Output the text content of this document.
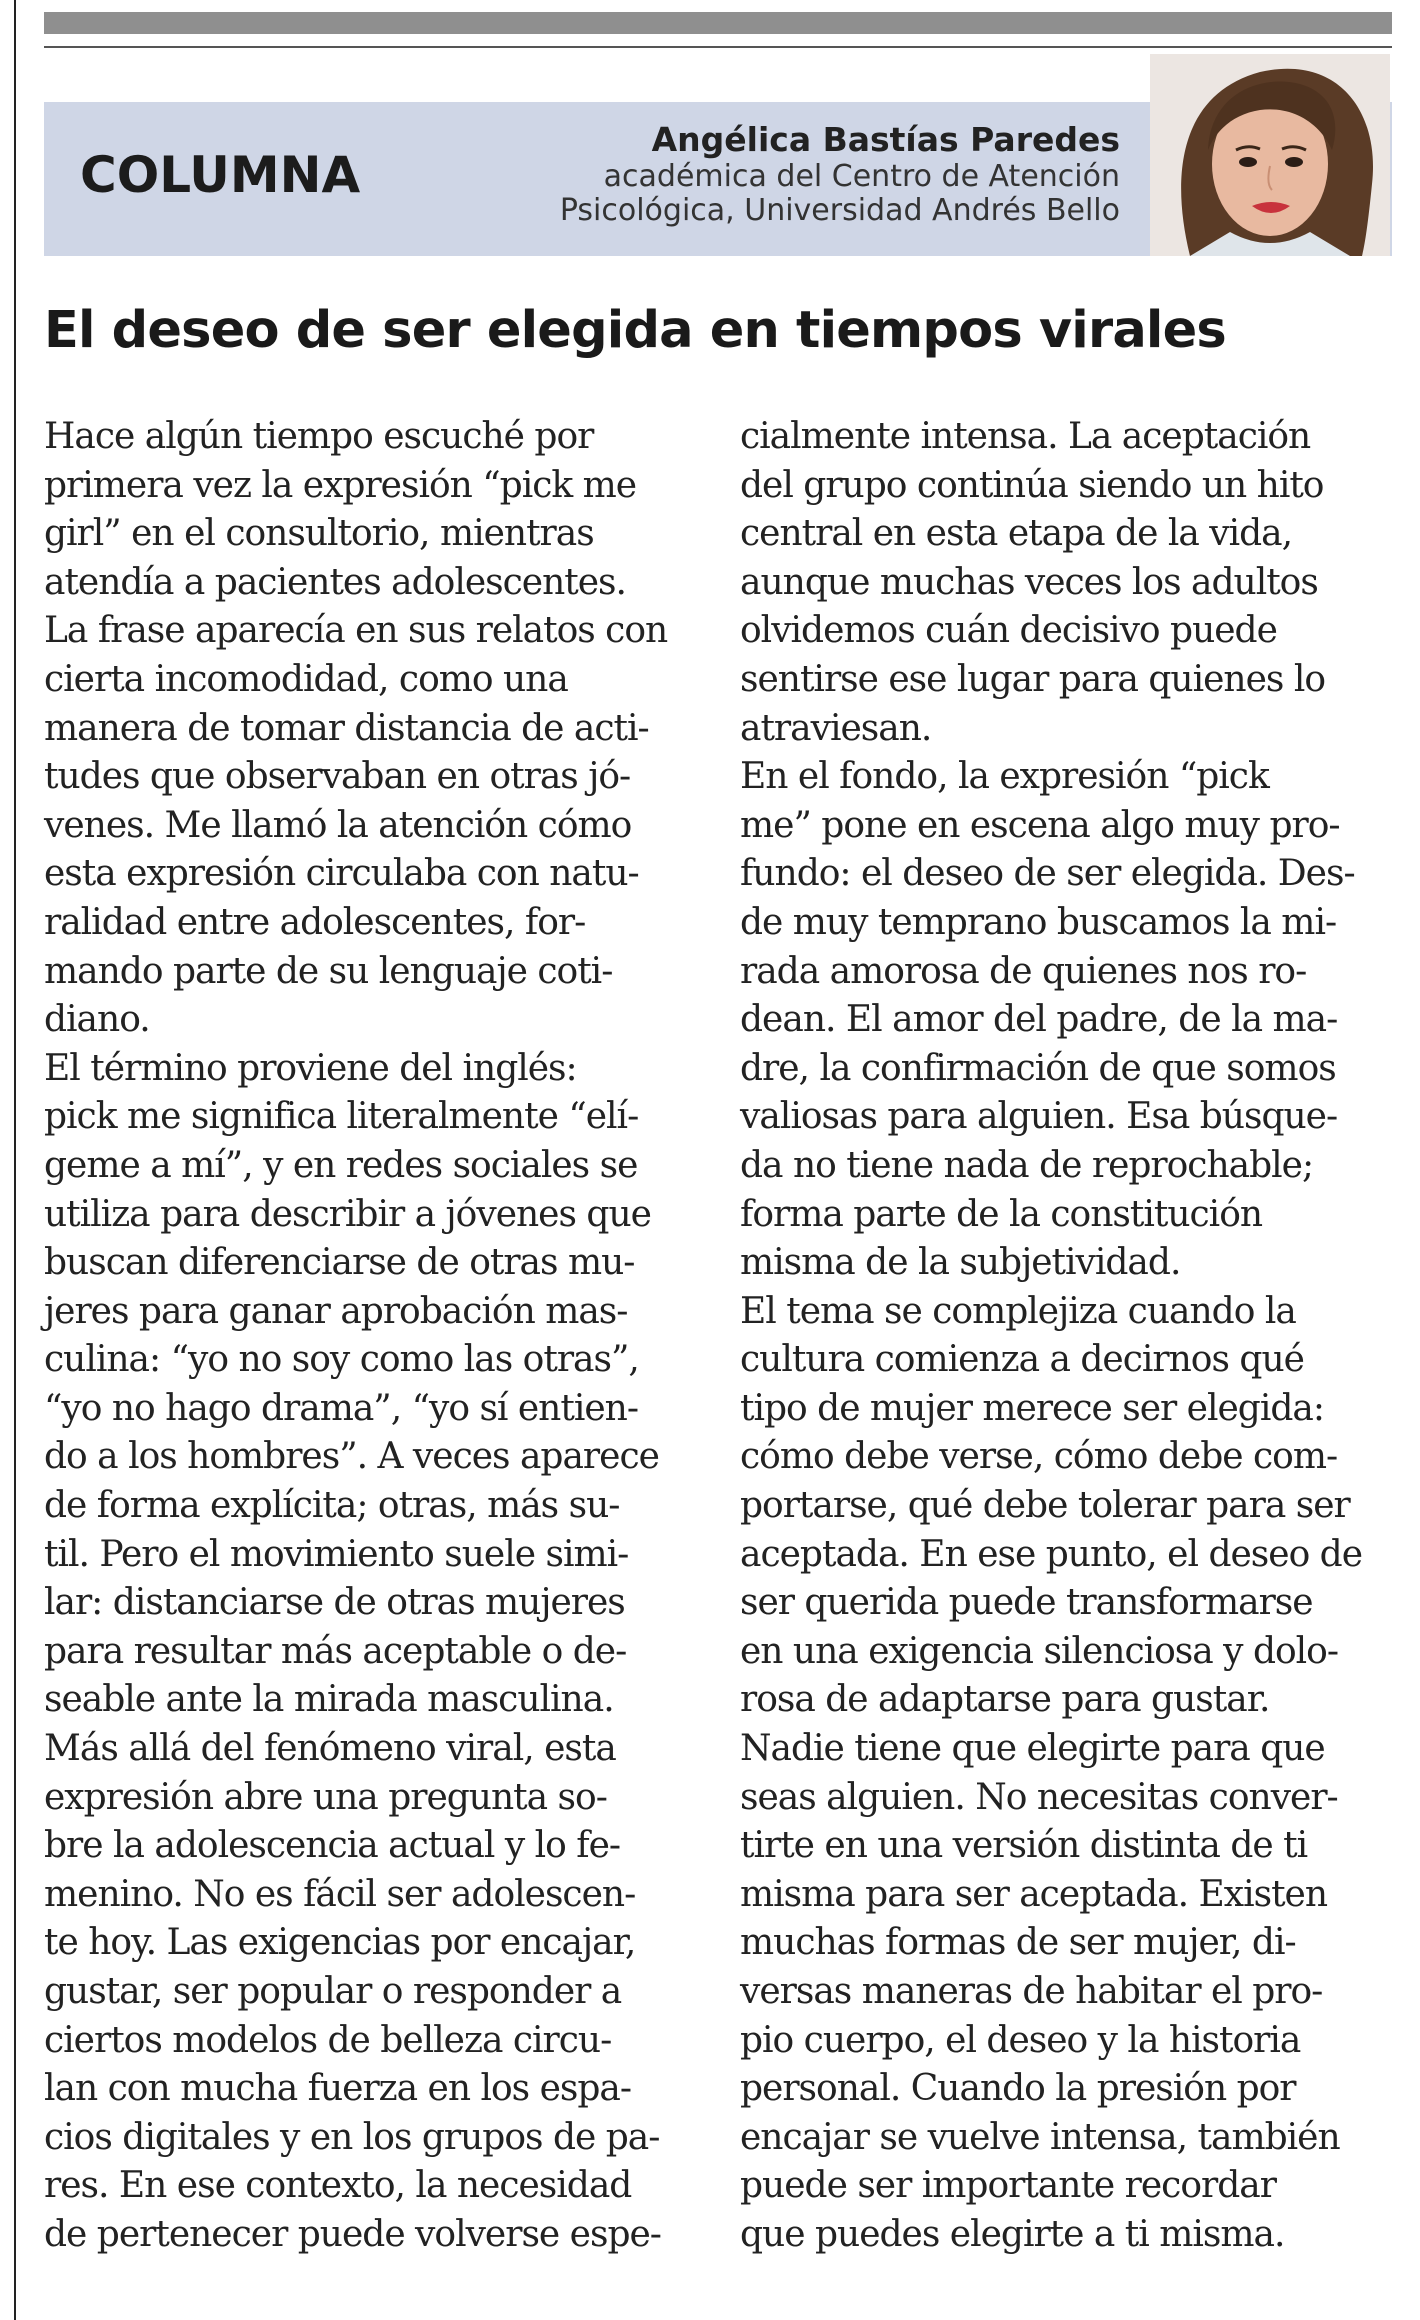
COLUMNA
Angélica Bastías Paredes
académica del Centro de Atención
Psicológica, Universidad Andrés Bello
El deseo de ser elegida en tiempos virales
Hace algún tiempo escuché por
primera vez la expresión “pick me
girl” en el consultorio, mientras
atendía a pacientes adolescentes.
La frase aparecía en sus relatos con
cierta incomodidad, como una
manera de tomar distancia de acti-
tudes que observaban en otras jó-
venes. Me llamó la atención cómo
esta expresión circulaba con natu-
ralidad entre adolescentes, for-
mando parte de su lenguaje coti-
diano.
El término proviene del inglés:
pick me significa literalmente “elí-
geme a mí”, y en redes sociales se
utiliza para describir a jóvenes que
buscan diferenciarse de otras mu-
jeres para ganar aprobación mas-
culina: “yo no soy como las otras”,
“yo no hago drama”, “yo sí entien-
do a los hombres”. A veces aparece
de forma explícita; otras, más su-
til. Pero el movimiento suele simi-
lar: distanciarse de otras mujeres
para resultar más aceptable o de-
seable ante la mirada masculina.
Más allá del fenómeno viral, esta
expresión abre una pregunta so-
bre la adolescencia actual y lo fe-
menino. No es fácil ser adolescen-
te hoy. Las exigencias por encajar,
gustar, ser popular o responder a
ciertos modelos de belleza circu-
lan con mucha fuerza en los espa-
cios digitales y en los grupos de pa-
res. En ese contexto, la necesidad
de pertenecer puede volverse espe-
cialmente intensa. La aceptación
del grupo continúa siendo un hito
central en esta etapa de la vida,
aunque muchas veces los adultos
olvidemos cuán decisivo puede
sentirse ese lugar para quienes lo
atraviesan.
En el fondo, la expresión “pick
me” pone en escena algo muy pro-
fundo: el deseo de ser elegida. Des-
de muy temprano buscamos la mi-
rada amorosa de quienes nos ro-
dean. El amor del padre, de la ma-
dre, la confirmación de que somos
valiosas para alguien. Esa búsque-
da no tiene nada de reprochable;
forma parte de la constitución
misma de la subjetividad.
El tema se complejiza cuando la
cultura comienza a decirnos qué
tipo de mujer merece ser elegida:
cómo debe verse, cómo debe com-
portarse, qué debe tolerar para ser
aceptada. En ese punto, el deseo de
ser querida puede transformarse
en una exigencia silenciosa y dolo-
rosa de adaptarse para gustar.
Nadie tiene que elegirte para que
seas alguien. No necesitas conver-
tirte en una versión distinta de ti
misma para ser aceptada. Existen
muchas formas de ser mujer, di-
versas maneras de habitar el pro-
pio cuerpo, el deseo y la historia
personal. Cuando la presión por
encajar se vuelve intensa, también
puede ser importante recordar
que puedes elegirte a ti misma.
